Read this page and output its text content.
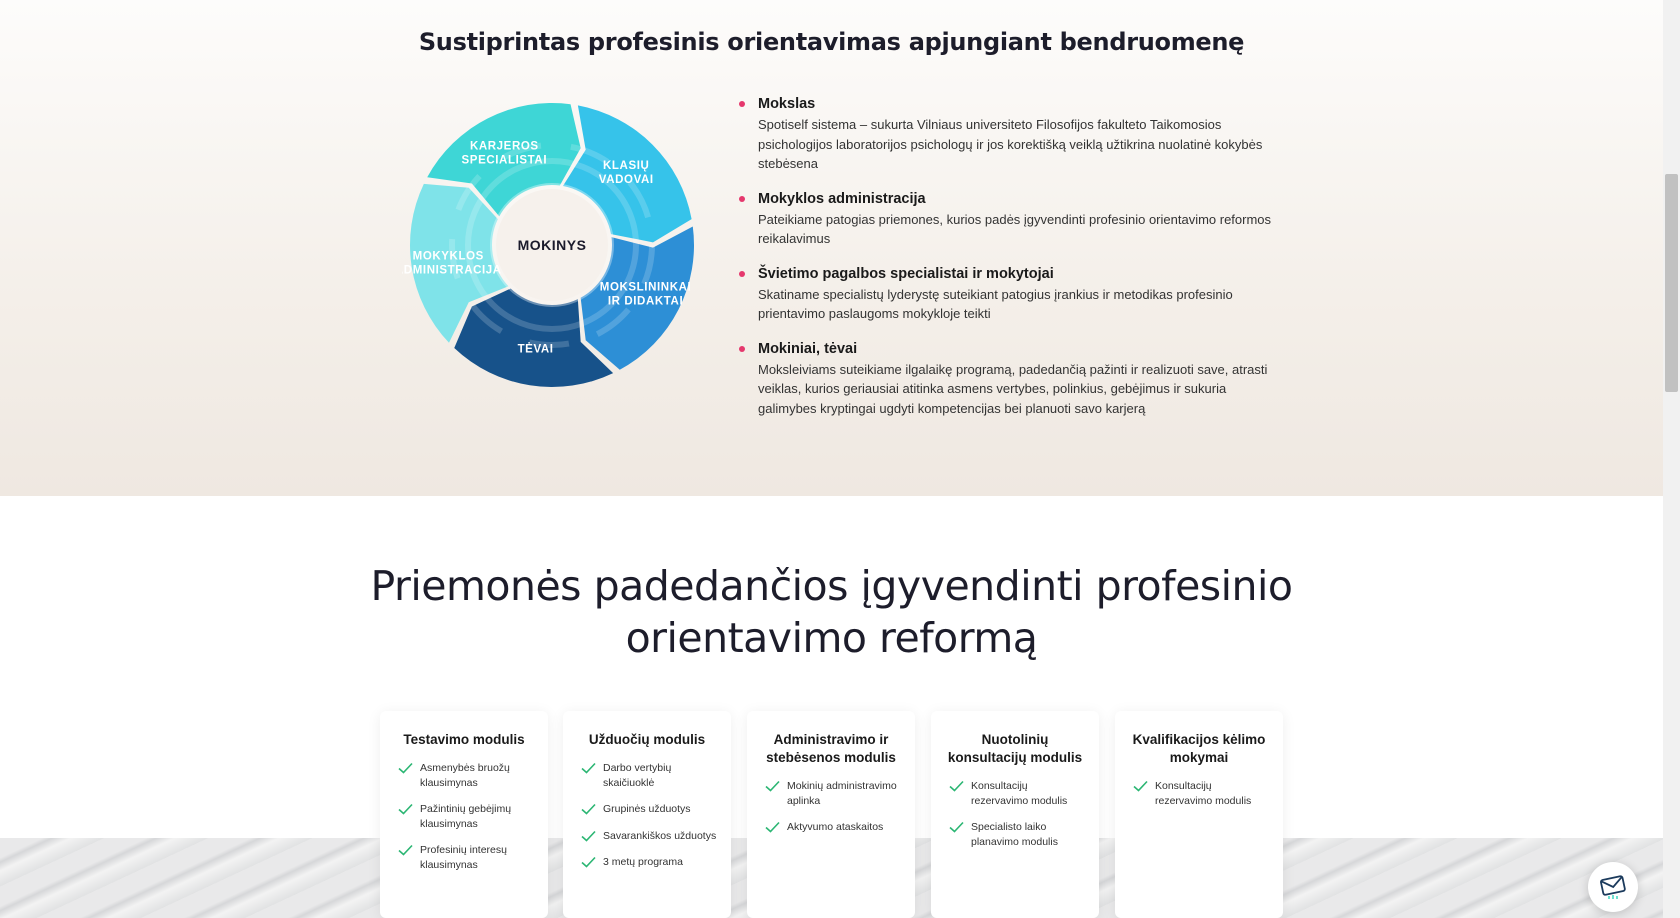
Sustiprintas profesinis orientavimas apjungiant bendruomenę
MOKINYS
MOKYKLOS ADMINISTRACIJA
KARJEROS SPECIALISTAI	KLASIŲ VADOVAI
MOKSLININKAI IR DIDAKTAI
TĖVAI
Mokslas
Spotiself sistema – sukurta Vilniaus universiteto Filosofijos fakulteto Taikomosios psichologijos laboratorijos psichologų ir jos korektišką veiklą užtikrina nuolatinė kokybės stebėsena
Mokyklos administracija
Pateikiame patogias priemones, kurios padės įgyvendinti profesinio orientavimo reformos reikalavimus
Švietimo pagalbos specialistai ir mokytojai
Skatiname specialistų lyderystę suteikiant patogius įrankius ir metodikas profesinio prientavimo paslaugoms mokykloje teikti
Mokiniai, tėvai
Moksleiviams suteikiame ilgalaikę programą, padedančią pažinti ir realizuoti save, atrasti veiklas, kurios geriausiai atitinka asmens vertybes, polinkius, gebėjimus ir sukuria galimybes kryptingai ugdyti kompetencijas bei planuoti savo karjerą
Priemonės padedančios įgyvendinti profesinio
orientavimo reformą
Testavimo modulis
Asmenybės bruožų klausimynas
Pažintinių gebėjimų klausimynas
Profesinių interesų klausimynas
Užduočių modulis
Darbo vertybių skaičiuoklė
Grupinės užduotys
Savarankiškos užduotys
3 metų programa
Administravimo ir stebėsenos modulis
Mokinių administravimo aplinka
Aktyvumo ataskaitos
Nuotolinių konsultacijų modulis
Konsultacijų rezervavimo modulis
Specialisto laiko planavimo modulis
Kvalifikacijos kėlimo mokymai
Konsultacijų rezervavimo modulis
